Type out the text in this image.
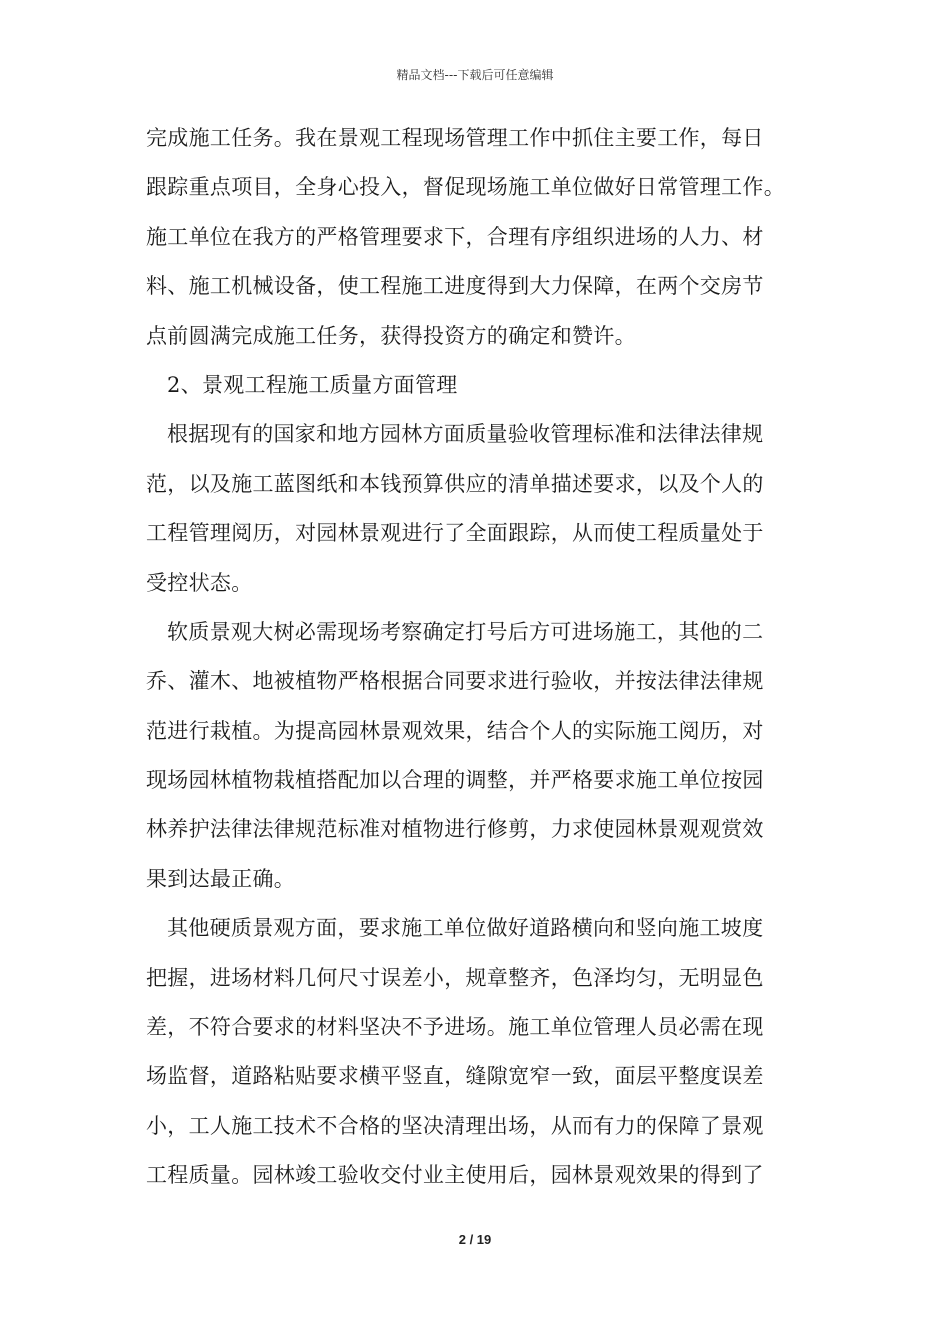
精品文档---下载后可任意编辑
完成施工任务。我在景观工程现场管理工作中抓住主要工作，每日
跟踪重点项目，全身心投入，督促现场施工单位做好日常管理工作。
施工单位在我方的严格管理要求下，合理有序组织进场的人力、材
料、施工机械设备，使工程施工进度得到大力保障，在两个交房节
点前圆满完成施工任务，获得投资方的确定和赞许。
2、景观工程施工质量方面管理
根据现有的国家和地方园林方面质量验收管理标准和法律法律规
范，以及施工蓝图纸和本钱预算供应的清单描述要求，以及个人的
工程管理阅历，对园林景观进行了全面跟踪，从而使工程质量处于
受控状态。
软质景观大树必需现场考察确定打号后方可进场施工，其他的二
乔、灌木、地被植物严格根据合同要求进行验收，并按法律法律规
范进行栽植。为提高园林景观效果，结合个人的实际施工阅历，对
现场园林植物栽植搭配加以合理的调整，并严格要求施工单位按园
林养护法律法律规范标准对植物进行修剪，力求使园林景观观赏效
果到达最正确。
其他硬质景观方面，要求施工单位做好道路横向和竖向施工坡度
把握，进场材料几何尺寸误差小，规章整齐，色泽均匀，无明显色
差，不符合要求的材料坚决不予进场。施工单位管理人员必需在现
场监督，道路粘贴要求横平竖直，缝隙宽窄一致，面层平整度误差
小，工人施工技术不合格的坚决清理出场，从而有力的保障了景观
工程质量。园林竣工验收交付业主使用后，园林景观效果的得到了
2 / 19
